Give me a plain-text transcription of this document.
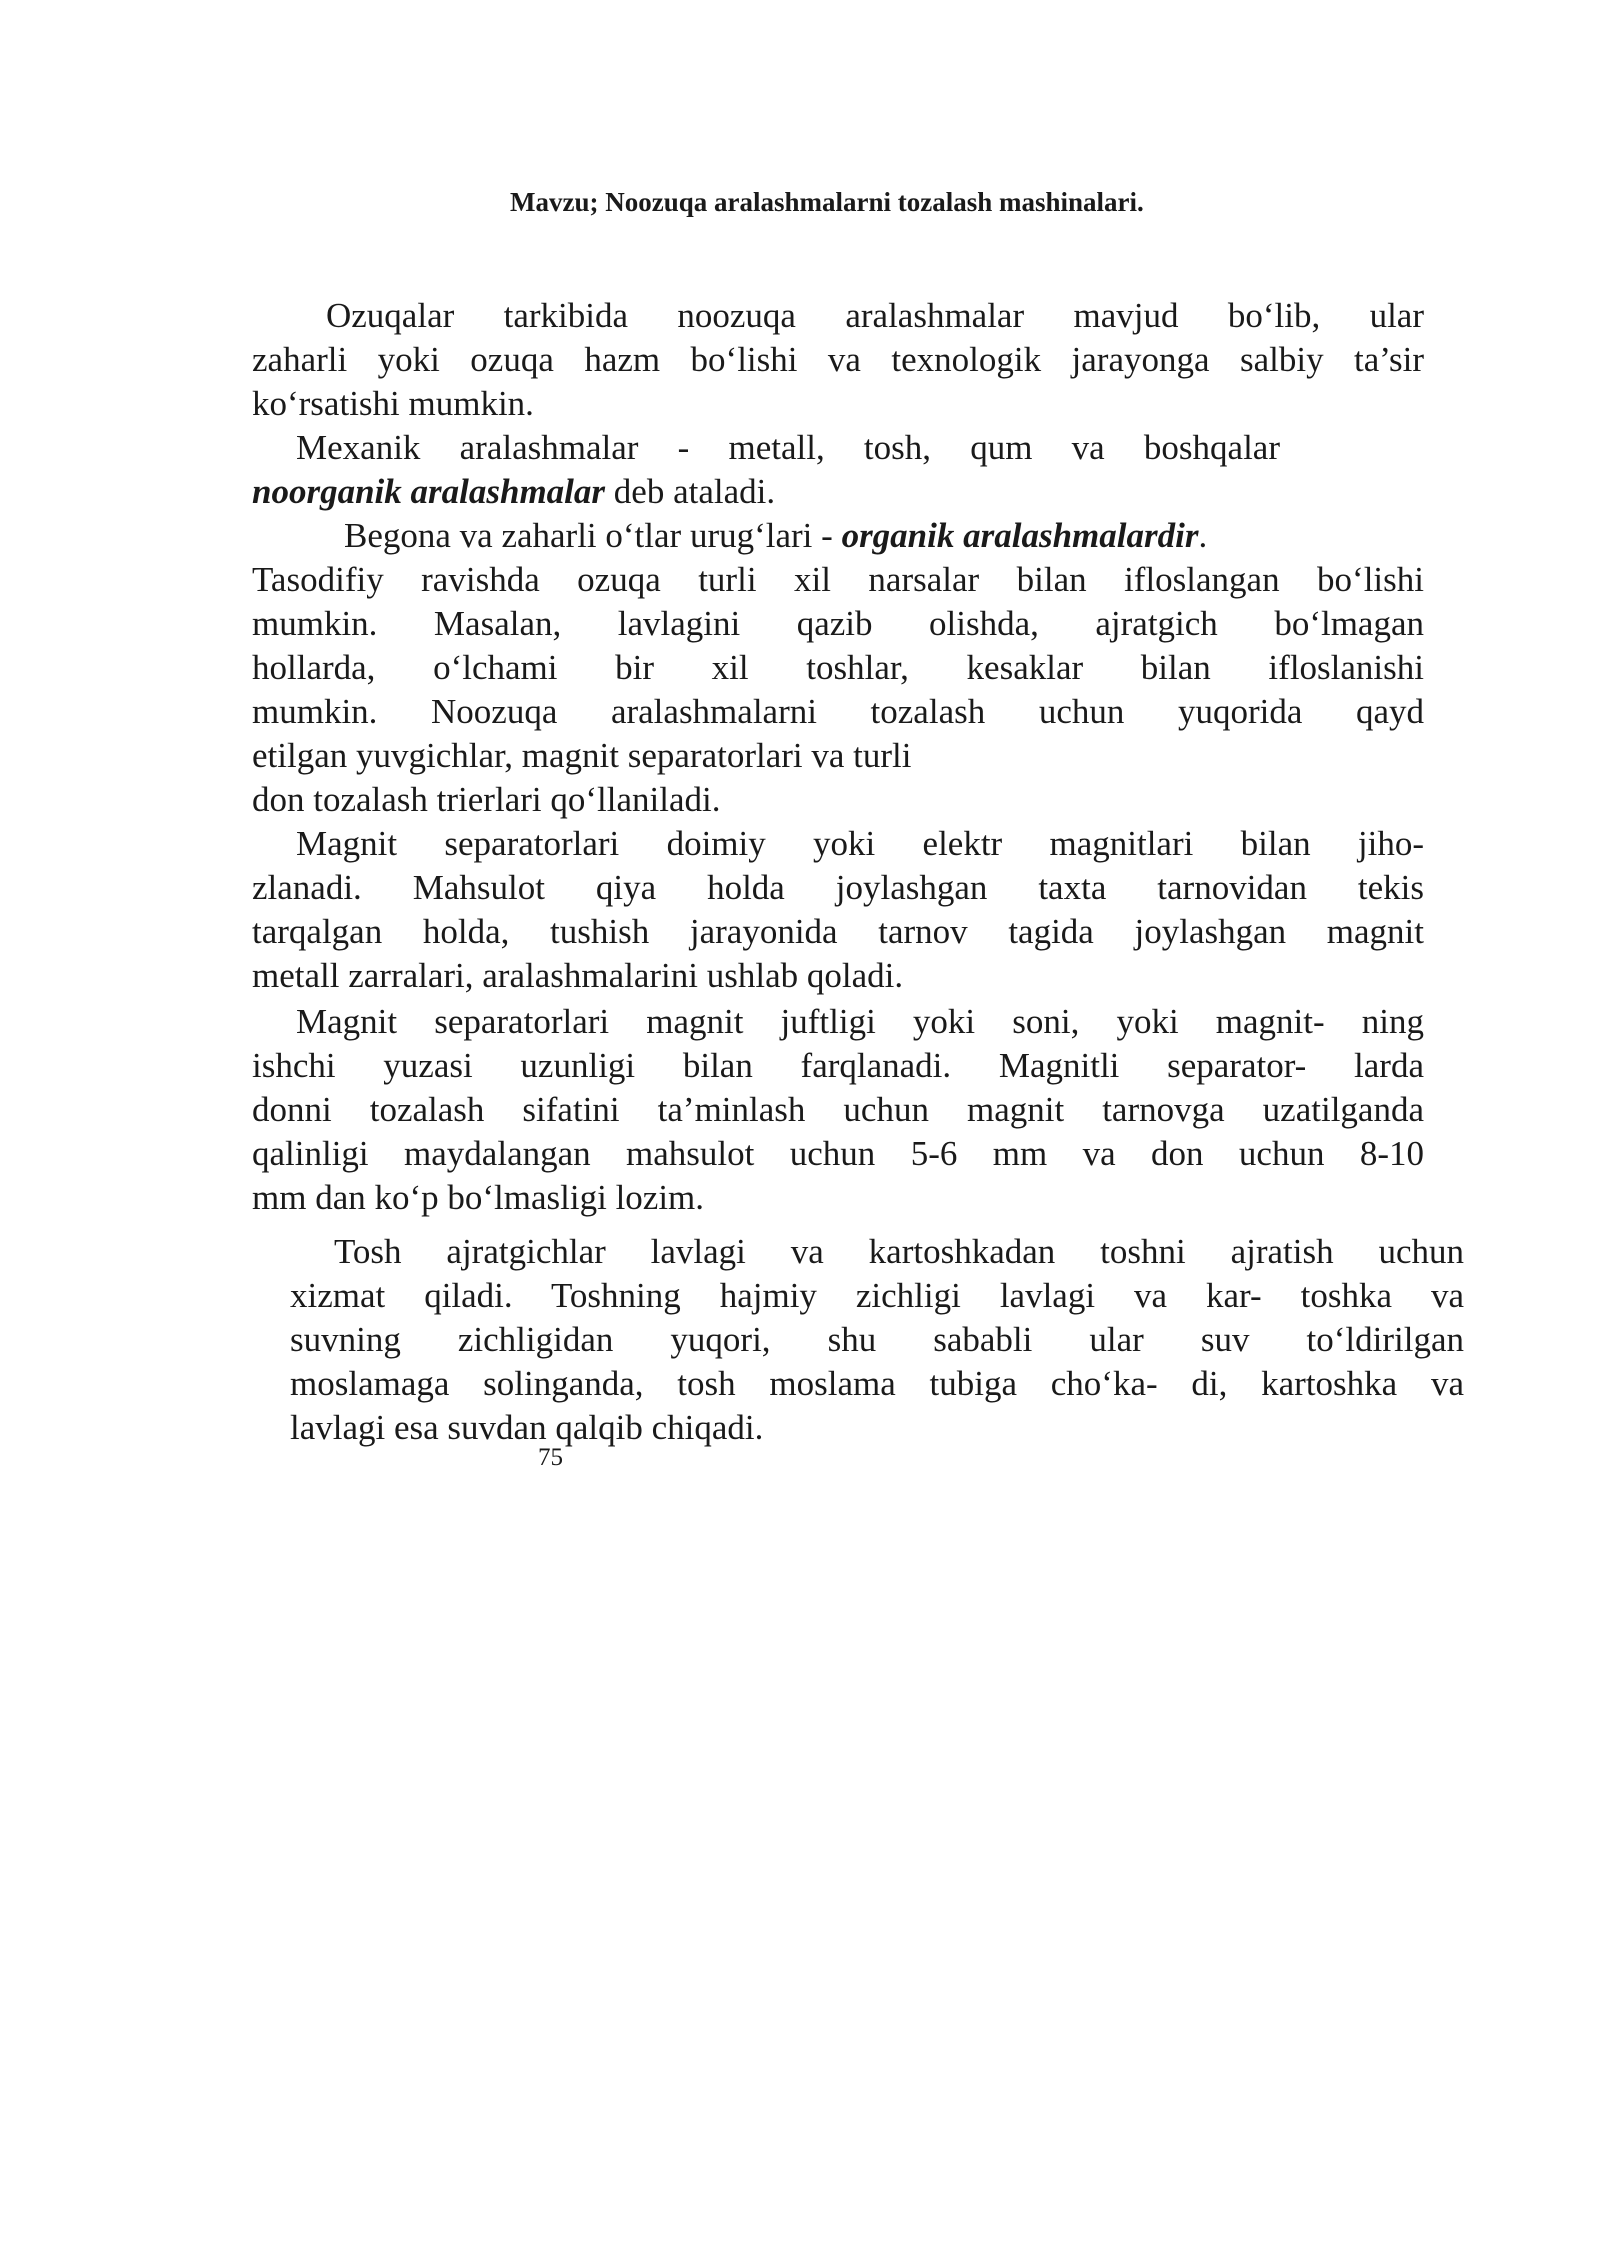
Mavzu; Noozuqa aralashmalarni tozalash mashinalari.
Ozuqalar tarkibida noozuqa aralashmalar mavjud bo‘lib, ular
zaharli yoki ozuqa hazm bo‘lishi va texnologik jarayonga salbiy ta’sir
ko‘rsatishi mumkin.
Mexanik aralashmalar - metall, tosh, qum va boshqalar
noorganik aralashmalar deb ataladi.
Begona va zaharli o‘tlar urug‘lari - organik aralashmalardir.
Tasodifiy ravishda ozuqa turli xil narsalar bilan ifloslangan bo‘lishi
mumkin. Masalan, lavlagini qazib olishda, ajratgich bo‘lmagan
hollarda, o‘lchami bir xil toshlar, kesaklar bilan ifloslanishi
mumkin. Noozuqa aralashmalarni tozalash uchun yuqorida qayd
etilgan yuvgichlar, magnit separatorlari va turli
don tozalash trierlari qo‘llaniladi.
Magnit separatorlari doimiy yoki elektr magnitlari bilan jiho-
zlanadi. Mahsulot qiya holda joylashgan taxta tarnovidan tekis
tarqalgan holda, tushish jarayonida tarnov tagida joylashgan magnit
metall zarralari, aralashmalarini ushlab qoladi.
Magnit separatorlari magnit juftligi yoki soni, yoki magnit- ning
ishchi yuzasi uzunligi bilan farqlanadi. Magnitli separator- larda
donni tozalash sifatini ta’minlash uchun magnit tarnovga uzatilganda
qalinligi maydalangan mahsulot uchun 5-6 mm va don uchun 8-10
mm dan ko‘p bo‘lmasligi lozim.
Tosh ajratgichlar lavlagi va kartoshkadan toshni ajratish uchun
xizmat qiladi. Toshning hajmiy zichligi lavlagi va kar- toshka va
suvning zichligidan yuqori, shu sababli ular suv to‘ldirilgan
moslamaga solinganda, tosh moslama tubiga cho‘ka- di, kartoshka va
lavlagi esa suvdan qalqib chiqadi.
75
